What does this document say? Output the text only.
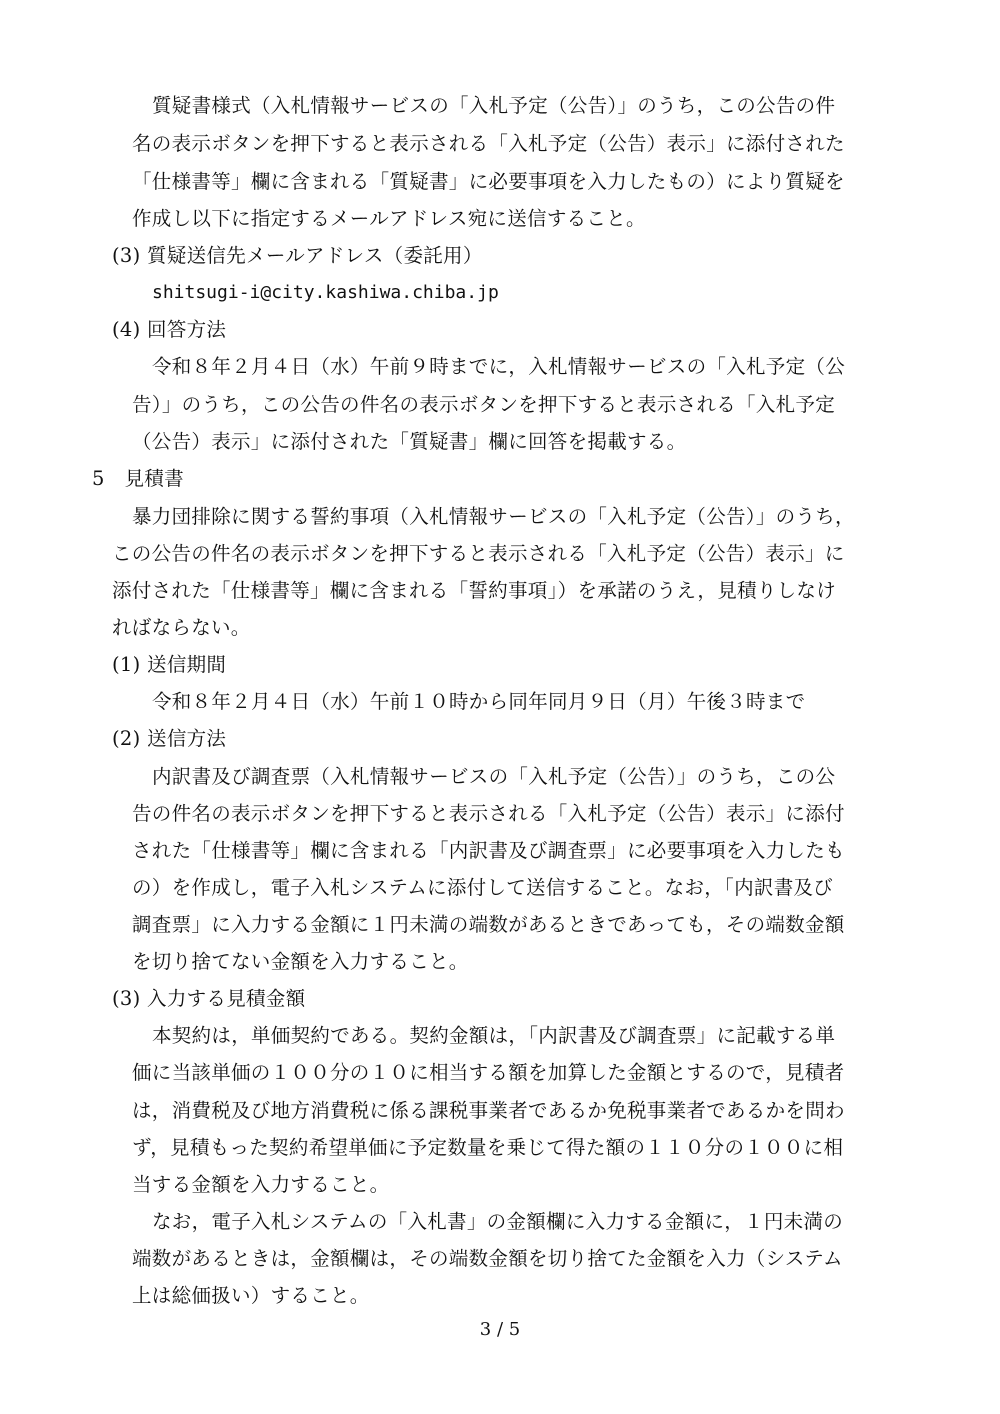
質疑書様式（入札情報サービスの「入札予定（公告）」のうち，この公告の件
名の表示ボタンを押下すると表示される「入札予定（公告）表示」に添付された
「仕様書等」欄に含まれる「質疑書」に必要事項を入力したもの）により質疑を
作成し以下に指定するメールアドレス宛に送信すること。
(3) 質疑送信先メールアドレス（委託用）
shitsugi-i@city.kashiwa.chiba.jp
(4) 回答方法
令和８年２月４日（水）午前９時までに，入札情報サービスの「入札予定（公
告）」のうち，この公告の件名の表示ボタンを押下すると表示される「入札予定
（公告）表示」に添付された「質疑書」欄に回答を掲載する。
5　見積書
暴力団排除に関する誓約事項（入札情報サービスの「入札予定（公告）」のうち，
この公告の件名の表示ボタンを押下すると表示される「入札予定（公告）表示」に
添付された「仕様書等」欄に含まれる「誓約事項」）を承諾のうえ，見積りしなけ
ればならない。
(1) 送信期間
令和８年２月４日（水）午前１０時から同年同月９日（月）午後３時まで
(2) 送信方法
内訳書及び調査票（入札情報サービスの「入札予定（公告）」のうち，この公
告の件名の表示ボタンを押下すると表示される「入札予定（公告）表示」に添付
された「仕様書等」欄に含まれる「内訳書及び調査票」に必要事項を入力したも
の）を作成し，電子入札システムに添付して送信すること。なお，「内訳書及び
調査票」に入力する金額に１円未満の端数があるときであっても，その端数金額
を切り捨てない金額を入力すること。
(3) 入力する見積金額
本契約は，単価契約である。契約金額は，「内訳書及び調査票」に記載する単
価に当該単価の１００分の１０に相当する額を加算した金額とするので，見積者
は，消費税及び地方消費税に係る課税事業者であるか免税事業者であるかを問わ
ず，見積もった契約希望単価に予定数量を乗じて得た額の１１０分の１００に相
当する金額を入力すること。
なお，電子入札システムの「入札書」の金額欄に入力する金額に，１円未満の
端数があるときは，金額欄は，その端数金額を切り捨てた金額を入力（システム
上は総価扱い）すること。
3 / 5
